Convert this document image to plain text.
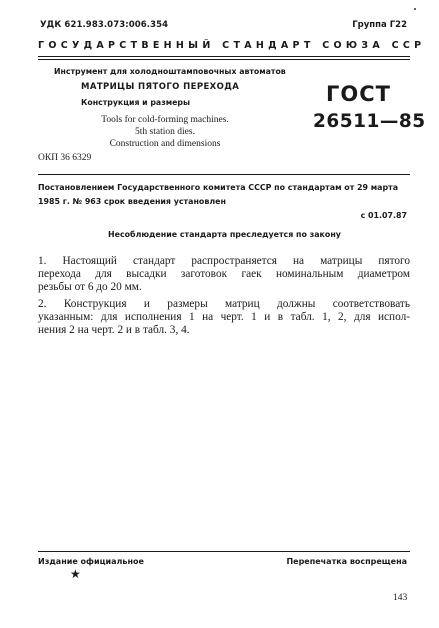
УДК 621.983.073:006.354	Группа Г22
ГОСУДАРСТВЕННЫЙ СТАНДАРТ СОЮЗА ССР
Инструмент для холодноштамповочных автоматов
МАТРИЦЫ ПЯТОГО ПЕРЕХОДА
Конструкция и размеры	ГОСТ
26511—85
Tools for cold-forming machines.
5th station dies.
Construction and dimensions
ОКП 36 6329
Постановлением Государственного комитета СССР по стандартам от 29 марта
1985 г. № 963 срок введения установлен
с 01.07.87
Несоблюдение стандарта преследуется по закону
1. Настоящий стандарт распространяется на матрицы пятого
перехода для высадки заготовок гаек номинальным диаметром
резьбы от 6 до 20 мм.
2. Конструкция и размеры матриц должны соответствовать
указанным: для исполнения 1 на черт. 1 и в табл. 1, 2, для испол-
нения 2 на черт. 2 и в табл. 3, 4.
Издание официальное	Перепечатка воспрещена
★
143
